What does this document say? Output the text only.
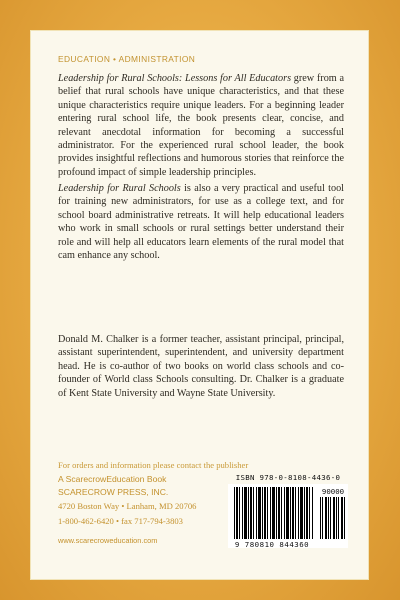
EDUCATION • ADMINISTRATION

Leadership for Rural Schools: Lessons for All Educators grew from a belief that rural schools have unique characteristics, and that these unique characteristics require unique leaders. For a beginning leader entering rural school life, the book presents clear, concise, and relevant anecdotal information for becoming a successful administrator. For the experienced rural school leader, the book provides insightful reflections and humorous stories that reinforce the profound impact of simple leadership principles.

Leadership for Rural Schools is also a very practical and useful tool for training new administrators, for use as a college text, and for school board administrative retreats. It will help educational leaders who work in small schools or rural settings better understand their role and will help all educators learn elements of the rural model that cam enhance any school.

Donald M. Chalker is a former teacher, assistant principal, principal, assistant superintendent, superintendent, and university department head. He is co-author of two books on world class schools and co-founder of World class Schools consulting. Dr. Chalker is a graduate of Kent State University and Wayne State University.

For orders and information please contact the publisher
A ScarecrowEducation Book
SCARECROW PRESS, INC.
4720 Boston Way • Lanham, MD 20706
1-800-462-6420 • fax 717-794-3803
www.scarecroweducation.com
ISBN 978-0-8108-4436-0
90000
9 780810 844360
